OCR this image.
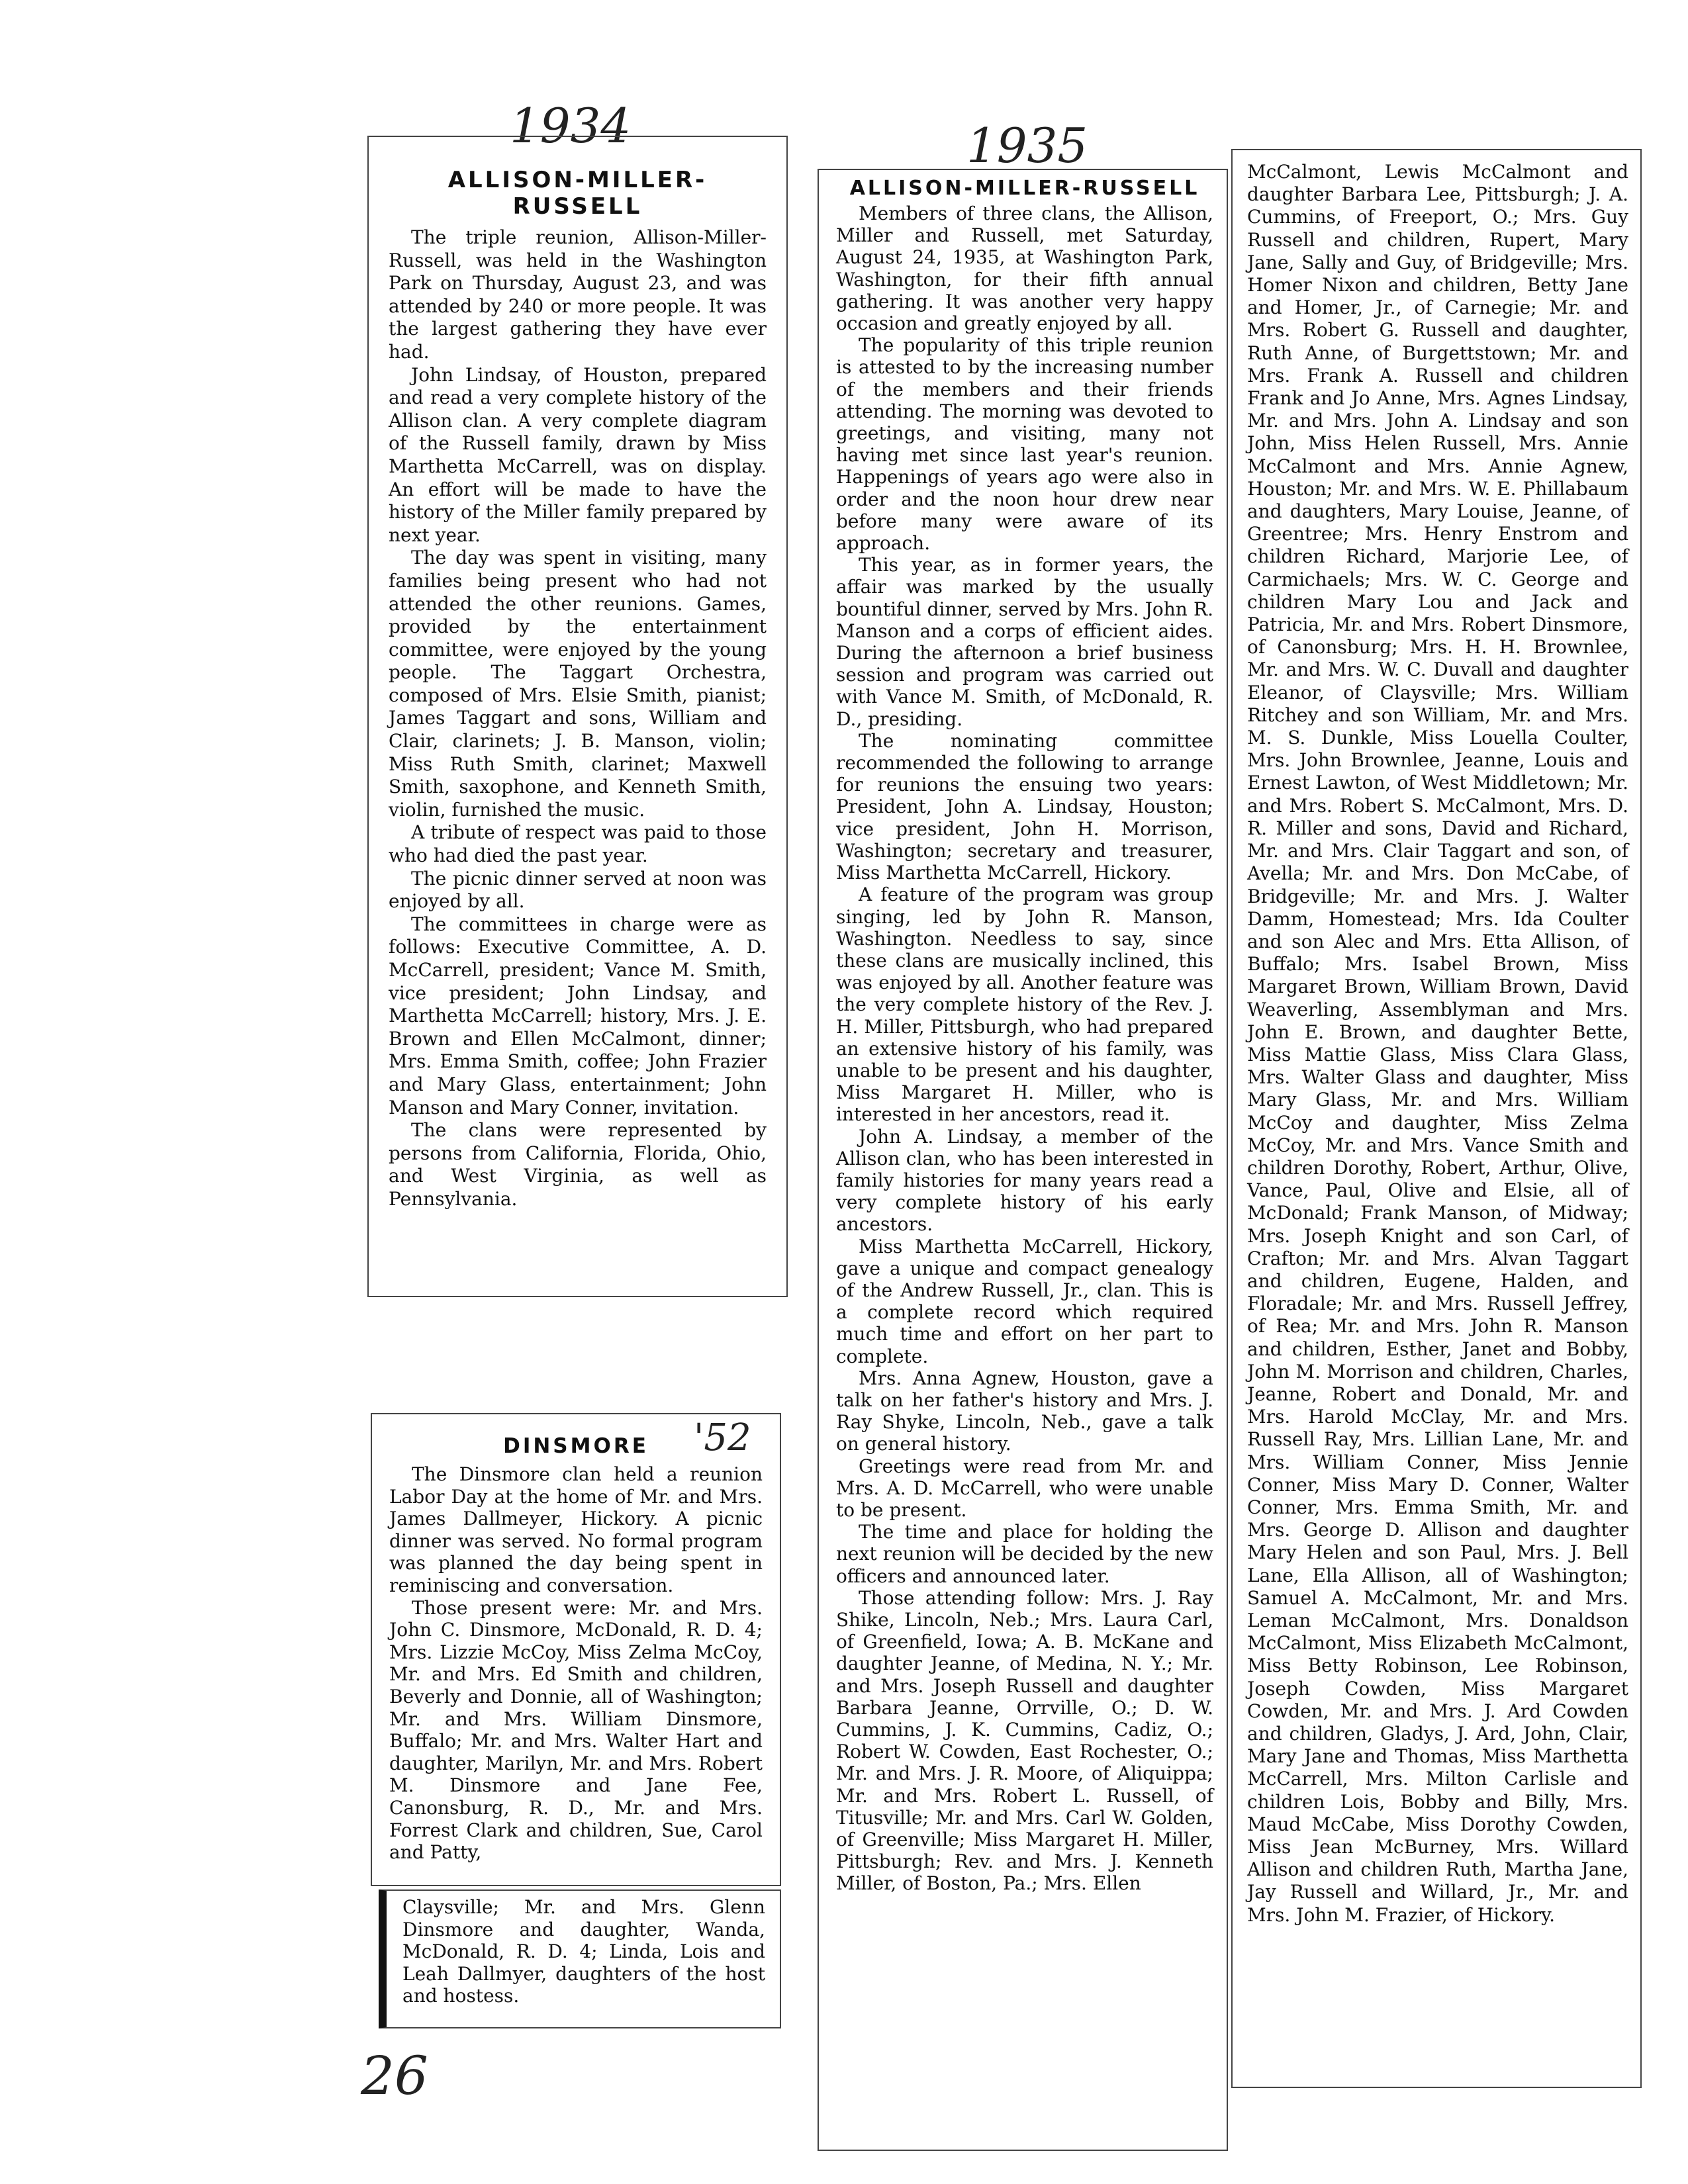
1934	1935
'52
26
ALLISON-MILLER-RUSSELL

The triple reunion, Allison-Miller-Russell, was held in the Washington Park on Thursday, August 23, and was attended by 240 or more people. It was the largest gathering they have ever had.

John Lindsay, of Houston, prepared and read a very complete history of the Allison clan. A very complete diagram of the Russell family, drawn by Miss Marthetta McCarrell, was on display. An effort will be made to have the history of the Miller family prepared by next year.

The day was spent in visiting, many families being present who had not attended the other reunions. Games, provided by the entertainment committee, were enjoyed by the young people. The Taggart Orchestra, composed of Mrs. Elsie Smith, pianist; James Taggart and sons, William and Clair, clarinets; J. B. Manson, violin; Miss Ruth Smith, clarinet; Maxwell Smith, saxophone, and Kenneth Smith, violin, furnished the music.

A tribute of respect was paid to those who had died the past year.

The picnic dinner served at noon was enjoyed by all.

The committees in charge were as follows: Executive Committee, A. D. McCarrell, president; Vance M. Smith, vice president; John Lindsay, and Marthetta McCarrell; history, Mrs. J. E. Brown and Ellen McCalmont, dinner; Mrs. Emma Smith, coffee; John Frazier and Mary Glass, entertainment; John Manson and Mary Conner, invitation.

The clans were represented by persons from California, Florida, Ohio, and West Virginia, as well as Pennsylvania.

DINSMORE

The Dinsmore clan held a reunion Labor Day at the home of Mr. and Mrs. James Dallmeyer, Hickory. A picnic dinner was served. No formal program was planned the day being spent in reminiscing and conversation.

Those present were: Mr. and Mrs. John C. Dinsmore, McDonald, R. D. 4; Mrs. Lizzie McCoy, Miss Zelma McCoy, Mr. and Mrs. Ed Smith and children, Beverly and Donnie, all of Washington; Mr. and Mrs. William Dinsmore, Buffalo; Mr. and Mrs. Walter Hart and daughter, Marilyn, Mr. and Mrs. Robert M. Dinsmore and Jane Fee, Canonsburg, R. D., Mr. and Mrs. Forrest Clark and children, Sue, Carol and Patty,

Claysville; Mr. and Mrs. Glenn Dinsmore and daughter, Wanda, McDonald, R. D. 4; Linda, Lois and Leah Dallmyer, daughters of the host and hostess.

ALLISON-MILLER-RUSSELL

Members of three clans, the Allison, Miller and Russell, met Saturday, August 24, 1935, at Washington Park, Washington, for their fifth annual gathering. It was another very happy occasion and greatly enjoyed by all.

The popularity of this triple reunion is attested to by the increasing number of the members and their friends attending. The morning was devoted to greetings, and visiting, many not having met since last year's reunion. Happenings of years ago were also in order and the noon hour drew near before many were aware of its approach.

This year, as in former years, the affair was marked by the usually bountiful dinner, served by Mrs. John R. Manson and a corps of efficient aides. During the afternoon a brief business session and program was carried out with Vance M. Smith, of McDonald, R. D., presiding.

The nominating committee recommended the following to arrange for reunions the ensuing two years: President, John A. Lindsay, Houston; vice president, John H. Morrison, Washington; secretary and treasurer, Miss Marthetta McCarrell, Hickory.

A feature of the program was group singing, led by John R. Manson, Washington. Needless to say, since these clans are musically inclined, this was enjoyed by all. Another feature was the very complete history of the Rev. J. H. Miller, Pittsburgh, who had prepared an extensive history of his family, was unable to be present and his daughter, Miss Margaret H. Miller, who is interested in her ancestors, read it.

John A. Lindsay, a member of the Allison clan, who has been interested in family histories for many years read a very complete history of his early ancestors.

Miss Marthetta McCarrell, Hickory, gave a unique and compact genealogy of the Andrew Russell, Jr., clan. This is a complete record which required much time and effort on her part to complete.

Mrs. Anna Agnew, Houston, gave a talk on her father's history and Mrs. J. Ray Shyke, Lincoln, Neb., gave a talk on general history.

Greetings were read from Mr. and Mrs. A. D. McCarrell, who were unable to be present.

The time and place for holding the next reunion will be decided by the new officers and announced later.

Those attending follow: Mrs. J. Ray Shike, Lincoln, Neb.; Mrs. Laura Carl, of Greenfield, Iowa; A. B. McKane and daughter Jeanne, of Medina, N. Y.; Mr. and Mrs. Joseph Russell and daughter Barbara Jeanne, Orrville, O.; D. W. Cummins, J. K. Cummins, Cadiz, O.; Robert W. Cowden, East Rochester, O.; Mr. and Mrs. J. R. Moore, of Aliquippa; Mr. and Mrs. Robert L. Russell, of Titusville; Mr. and Mrs. Carl W. Golden, of Greenville; Miss Margaret H. Miller, Pittsburgh; Rev. and Mrs. J. Kenneth Miller, of Boston, Pa.; Mrs. Ellen

McCalmont, Lewis McCalmont and daughter Barbara Lee, Pittsburgh; J. A. Cummins, of Freeport, O.; Mrs. Guy Russell and children, Rupert, Mary Jane, Sally and Guy, of Bridgeville; Mrs. Homer Nixon and children, Betty Jane and Homer, Jr., of Carnegie; Mr. and Mrs. Robert G. Russell and daughter, Ruth Anne, of Burgettstown; Mr. and Mrs. Frank A. Russell and children Frank and Jo Anne, Mrs. Agnes Lindsay, Mr. and Mrs. John A. Lindsay and son John, Miss Helen Russell, Mrs. Annie McCalmont and Mrs. Annie Agnew, Houston; Mr. and Mrs. W. E. Phillabaum and daughters, Mary Louise, Jeanne, of Greentree; Mrs. Henry Enstrom and children Richard, Marjorie Lee, of Carmichaels; Mrs. W. C. George and children Mary Lou and Jack and Patricia, Mr. and Mrs. Robert Dinsmore, of Canonsburg; Mrs. H. H. Brownlee, Mr. and Mrs. W. C. Duvall and daughter Eleanor, of Claysville; Mrs. William Ritchey and son William, Mr. and Mrs. M. S. Dunkle, Miss Louella Coulter, Mrs. John Brownlee, Jeanne, Louis and Ernest Lawton, of West Middletown; Mr. and Mrs. Robert S. McCalmont, Mrs. D. R. Miller and sons, David and Richard, Mr. and Mrs. Clair Taggart and son, of Avella; Mr. and Mrs. Don McCabe, of Bridgeville; Mr. and Mrs. J. Walter Damm, Homestead; Mrs. Ida Coulter and son Alec and Mrs. Etta Allison, of Buffalo; Mrs. Isabel Brown, Miss Margaret Brown, William Brown, David Weaverling, Assemblyman and Mrs. John E. Brown, and daughter Bette, Miss Mattie Glass, Miss Clara Glass, Mrs. Walter Glass and daughter, Miss Mary Glass, Mr. and Mrs. William McCoy and daughter, Miss Zelma McCoy, Mr. and Mrs. Vance Smith and children Dorothy, Robert, Arthur, Olive, Vance, Paul, Olive and Elsie, all of McDonald; Frank Manson, of Midway; Mrs. Joseph Knight and son Carl, of Crafton; Mr. and Mrs. Alvan Taggart and children, Eugene, Halden, and Floradale; Mr. and Mrs. Russell Jeffrey, of Rea; Mr. and Mrs. John R. Manson and children, Esther, Janet and Bobby, John M. Morrison and children, Charles, Jeanne, Robert and Donald, Mr. and Mrs. Harold McClay, Mr. and Mrs. Russell Ray, Mrs. Lillian Lane, Mr. and Mrs. William Conner, Miss Jennie Conner, Miss Mary D. Conner, Walter Conner, Mrs. Emma Smith, Mr. and Mrs. George D. Allison and daughter Mary Helen and son Paul, Mrs. J. Bell Lane, Ella Allison, all of Washington; Samuel A. McCalmont, Mr. and Mrs. Leman McCalmont, Mrs. Donaldson McCalmont, Miss Elizabeth McCalmont, Miss Betty Robinson, Lee Robinson, Joseph Cowden, Miss Margaret Cowden, Mr. and Mrs. J. Ard Cowden and children, Gladys, J. Ard, John, Clair, Mary Jane and Thomas, Miss Marthetta McCarrell, Mrs. Milton Carlisle and children Lois, Bobby and Billy, Mrs. Maud McCabe, Miss Dorothy Cowden, Miss Jean McBurney, Mrs. Willard Allison and children Ruth, Martha Jane, Jay Russell and Willard, Jr., Mr. and Mrs. John M. Frazier, of Hickory.
